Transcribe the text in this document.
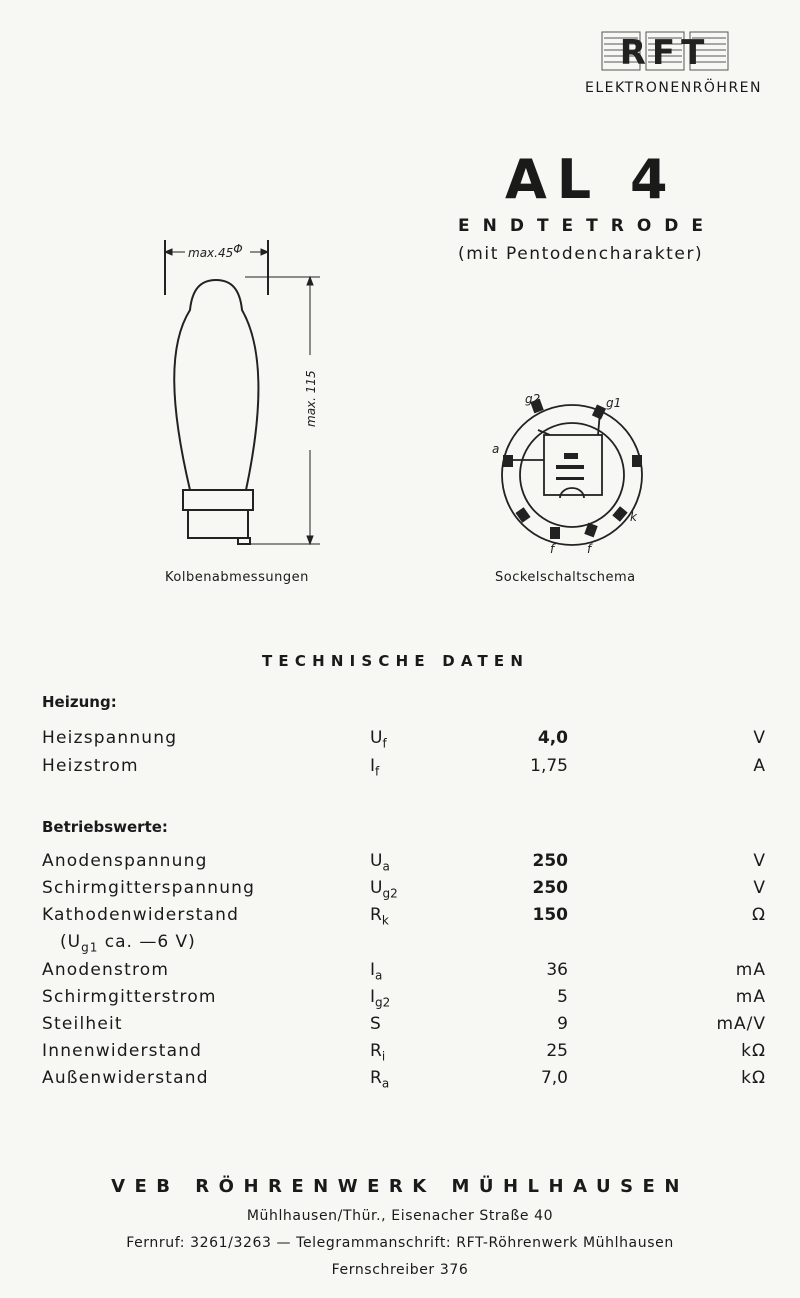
RFT
ELEKTRONENRÖHREN
AL 4
ENDTETRODE
(mit Pentodencharakter)
max.45Φ
max. 115	g2	g1
a
k
f	f
Kolbenabmessungen	Sockelschaltschema
TECHNISCHE DATEN
Heizung:
Heizspannung	$U_f$	4,0	V
Heizstrom	$I_f$	1,75	A
Betriebswerte:
Anodenspannung	$U_a$	250	V
Schirmgitterspannung	$U_{g2}$	250	V
Kathodenwiderstand	$R_k$	150	Ω
Anodenstrom	$I_a$	36	mA
Schirmgitterstrom	$I_{g2}$	5	mA
Steilheit	S	9	mA/V
Innenwiderstand	$R_i$	25	kΩ
Außenwiderstand	$R_a$	7,0	kΩ
($U_{g1}$ ca. —6 V)
VEB RÖHRENWERK MÜHLHAUSEN
Mühlhausen/Thür., Eisenacher Straße 40
Fernruf: 3261/3263 — Telegrammanschrift: RFT-Röhrenwerk Mühlhausen
Fernschreiber 376
